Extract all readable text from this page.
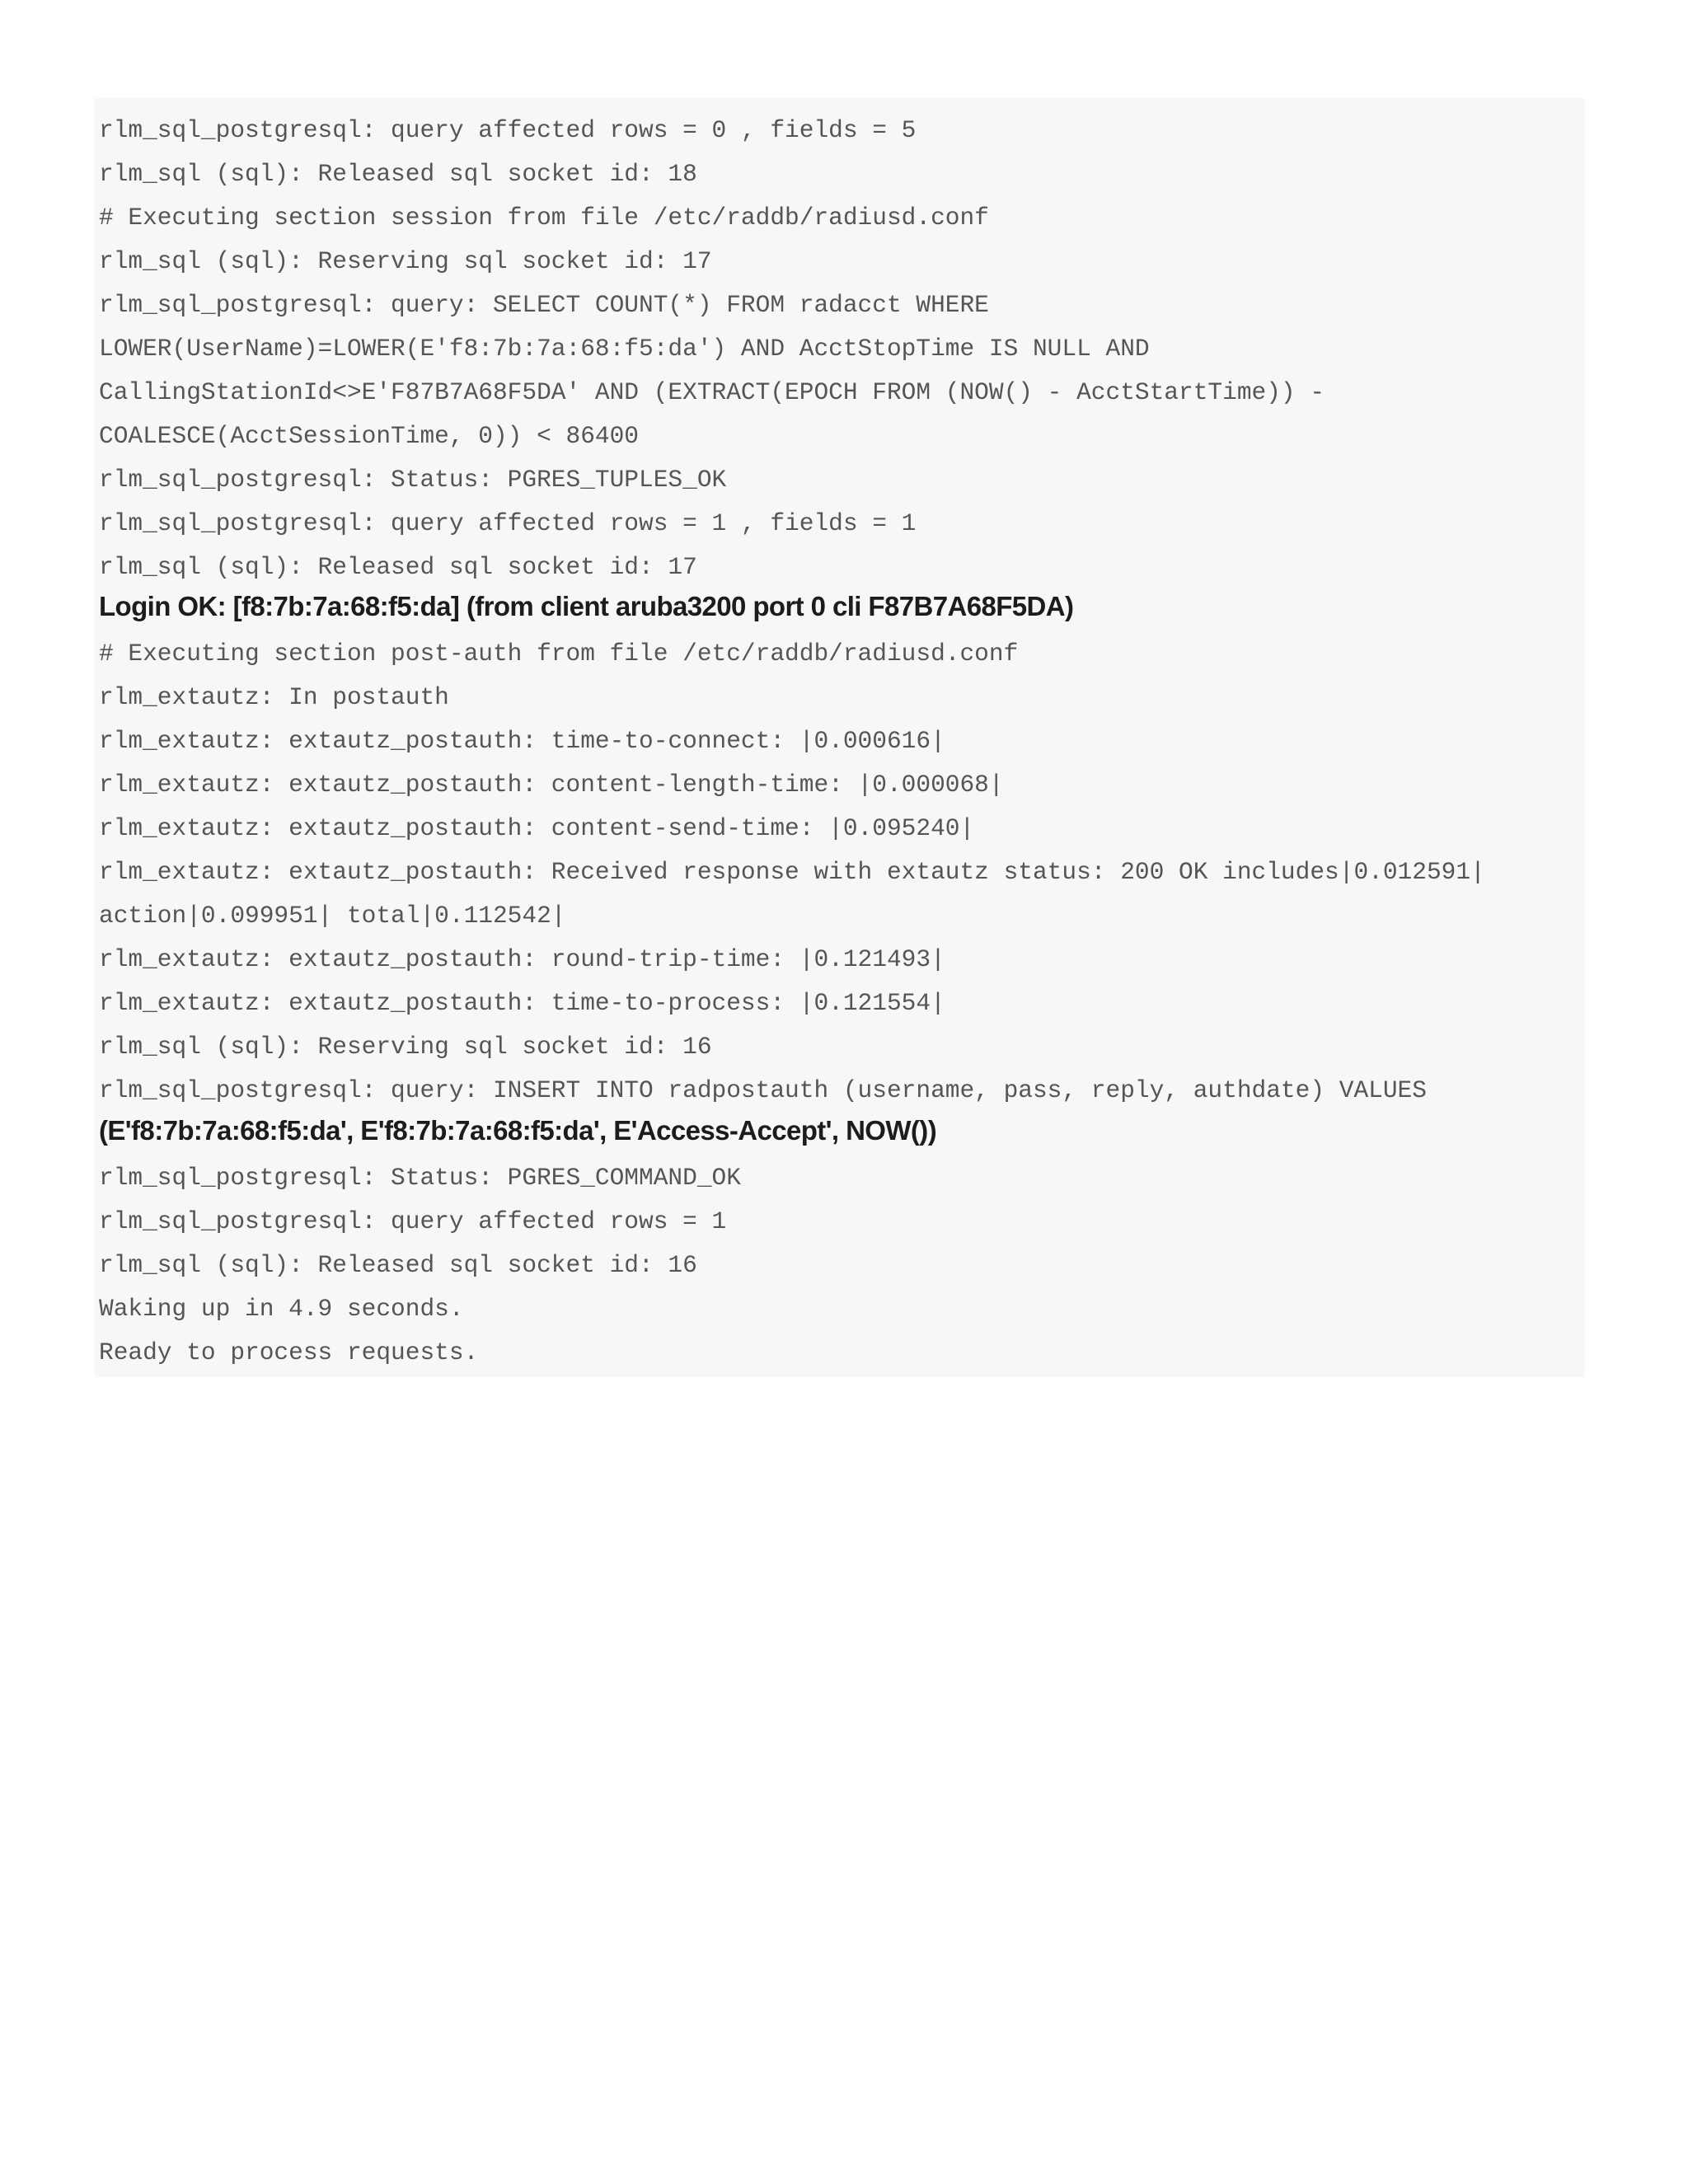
rlm_sql_postgresql: query affected rows = 0 , fields = 5
rlm_sql (sql): Released sql socket id: 18
# Executing section session from file /etc/raddb/radiusd.conf
rlm_sql (sql): Reserving sql socket id: 17
rlm_sql_postgresql: query: SELECT COUNT(*) FROM radacct WHERE
LOWER(UserName)=LOWER(E'f8:7b:7a:68:f5:da') AND AcctStopTime IS NULL AND
CallingStationId<>E'F87B7A68F5DA' AND (EXTRACT(EPOCH FROM (NOW() - AcctStartTime)) -
COALESCE(AcctSessionTime, 0)) < 86400
rlm_sql_postgresql: Status: PGRES_TUPLES_OK
rlm_sql_postgresql: query affected rows = 1 , fields = 1
rlm_sql (sql): Released sql socket id: 17
Login OK: [f8:7b:7a:68:f5:da] (from client aruba3200 port 0 cli F87B7A68F5DA)
# Executing section post-auth from file /etc/raddb/radiusd.conf
rlm_extautz: In postauth
rlm_extautz: extautz_postauth: time-to-connect: |0.000616|
rlm_extautz: extautz_postauth: content-length-time: |0.000068|
rlm_extautz: extautz_postauth: content-send-time: |0.095240|
rlm_extautz: extautz_postauth: Received response with extautz status: 200 OK includes|0.012591|
action|0.099951| total|0.112542|
rlm_extautz: extautz_postauth: round-trip-time: |0.121493|
rlm_extautz: extautz_postauth: time-to-process: |0.121554|
rlm_sql (sql): Reserving sql socket id: 16
rlm_sql_postgresql: query: INSERT INTO radpostauth (username, pass, reply, authdate) VALUES
(E'f8:7b:7a:68:f5:da', E'f8:7b:7a:68:f5:da', E'Access-Accept', NOW())
rlm_sql_postgresql: Status: PGRES_COMMAND_OK
rlm_sql_postgresql: query affected rows = 1
rlm_sql (sql): Released sql socket id: 16
Waking up in 4.9 seconds.
Ready to process requests.
